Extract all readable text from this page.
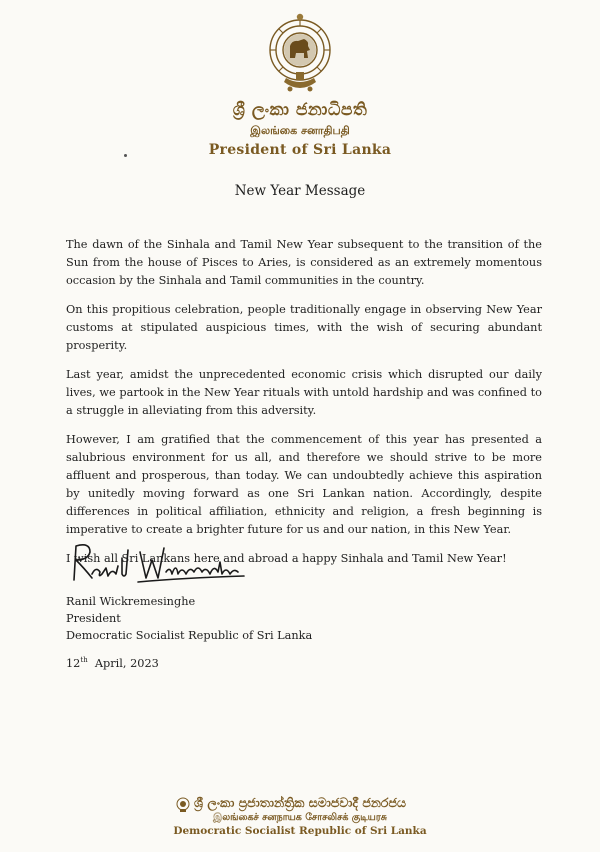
ශ්‍රී ලංකා ජනාධිපති
இலங்கை சனாதிபதி
President of Sri Lanka
New Year Message

The dawn of the Sinhala and Tamil New Year subsequent to the transition of the Sun from the house of Pisces to Aries, is considered as an extremely momentous occasion by the Sinhala and Tamil communities in the country.

On this propitious celebration, people traditionally engage in observing New Year customs at stipulated auspicious times, with the wish of securing abundant prosperity.

Last year, amidst the unprecedented economic crisis which disrupted our daily lives, we partook in the New Year rituals with untold hardship and was confined to a struggle in alleviating from this adversity.

However, I am gratified that the commencement of this year has presented a salubrious environment for us all, and therefore we should strive to be more affluent and prosperous, than today. We can undoubtedly achieve this aspiration by unitedly moving forward as one Sri Lankan nation. Accordingly, despite differences in political affiliation, ethnicity and religion, a fresh beginning is imperative to create a brighter future for us and our nation, in this New Year.

I wish all Sri Lankans here and abroad a happy Sinhala and Tamil New Year!

Ranil Wickremesinghe
President
Democratic Socialist Republic of Sri Lanka
12th April, 2023
ශ්‍රී ලංකා ප්‍රජාතාන්ත්‍රික සමාජවාදී ජනරජය
இலங்கைச் சனநாயக சோசலிசக் குடியரசு
Democratic Socialist Republic of Sri Lanka
